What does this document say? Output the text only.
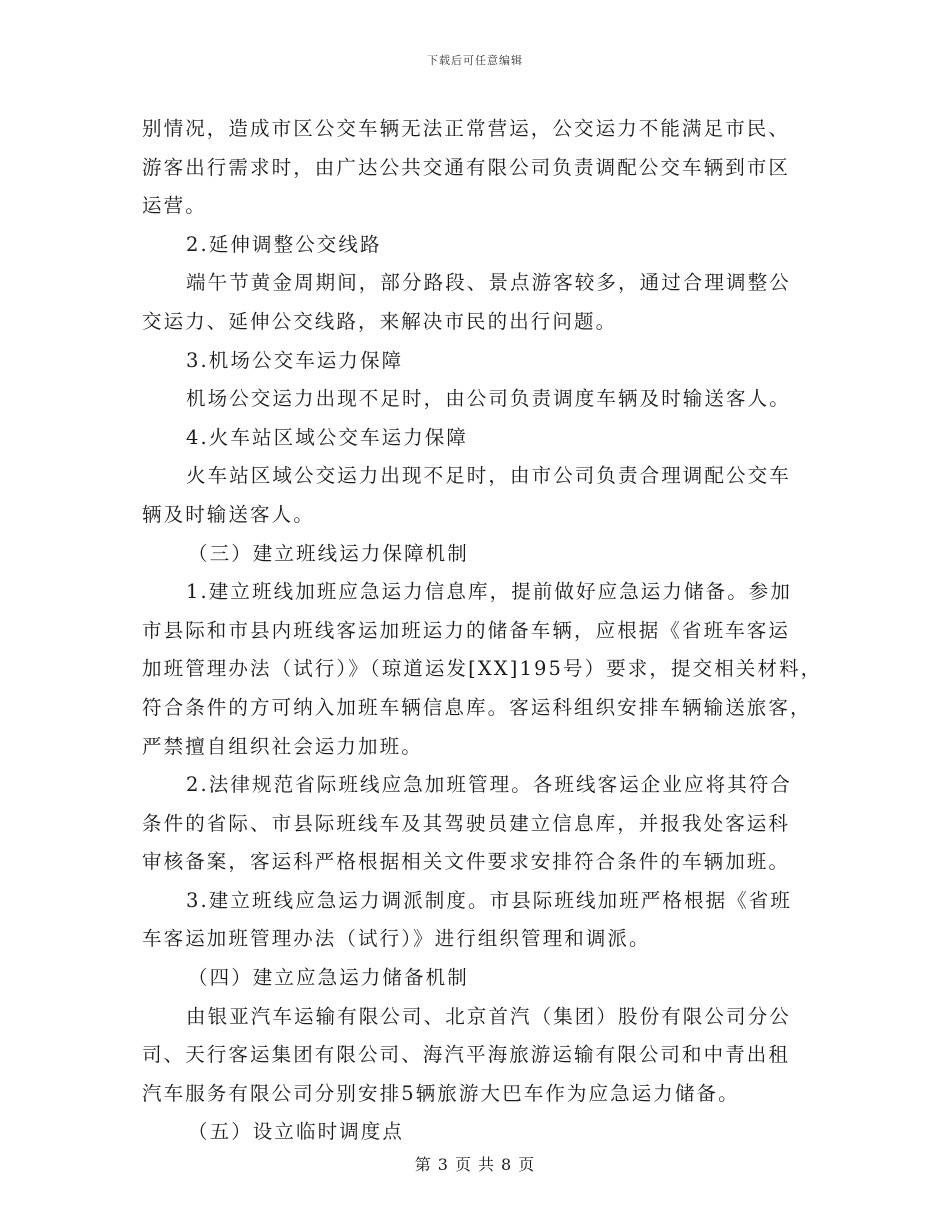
下载后可任意编辑
别情况，造成市区公交车辆无法正常营运，公交运力不能满足市民、
游客出行需求时，由广达公共交通有限公司负责调配公交车辆到市区
运营。
2.延伸调整公交线路
端午节黄金周期间，部分路段、景点游客较多，通过合理调整公
交运力、延伸公交线路，来解决市民的出行问题。
3.机场公交车运力保障
机场公交运力出现不足时，由公司负责调度车辆及时输送客人。
4.火车站区域公交车运力保障
火车站区域公交运力出现不足时，由市公司负责合理调配公交车
辆及时输送客人。
（三）建立班线运力保障机制
1.建立班线加班应急运力信息库，提前做好应急运力储备。参加
市县际和市县内班线客运加班运力的储备车辆，应根据《省班车客运
加班管理办法（试行）》（琼道运发[XX]195号）要求，提交相关材料，
符合条件的方可纳入加班车辆信息库。客运科组织安排车辆输送旅客，
严禁擅自组织社会运力加班。
2.法律规范省际班线应急加班管理。各班线客运企业应将其符合
条件的省际、市县际班线车及其驾驶员建立信息库，并报我处客运科
审核备案，客运科严格根据相关文件要求安排符合条件的车辆加班。
3.建立班线应急运力调派制度。市县际班线加班严格根据《省班
车客运加班管理办法（试行）》进行组织管理和调派。
（四）建立应急运力储备机制
由银亚汽车运输有限公司、北京首汽（集团）股份有限公司分公
司、天行客运集团有限公司、海汽平海旅游运输有限公司和中青出租
汽车服务有限公司分别安排5辆旅游大巴车作为应急运力储备。
（五）设立临时调度点
第 3 页 共 8 页
